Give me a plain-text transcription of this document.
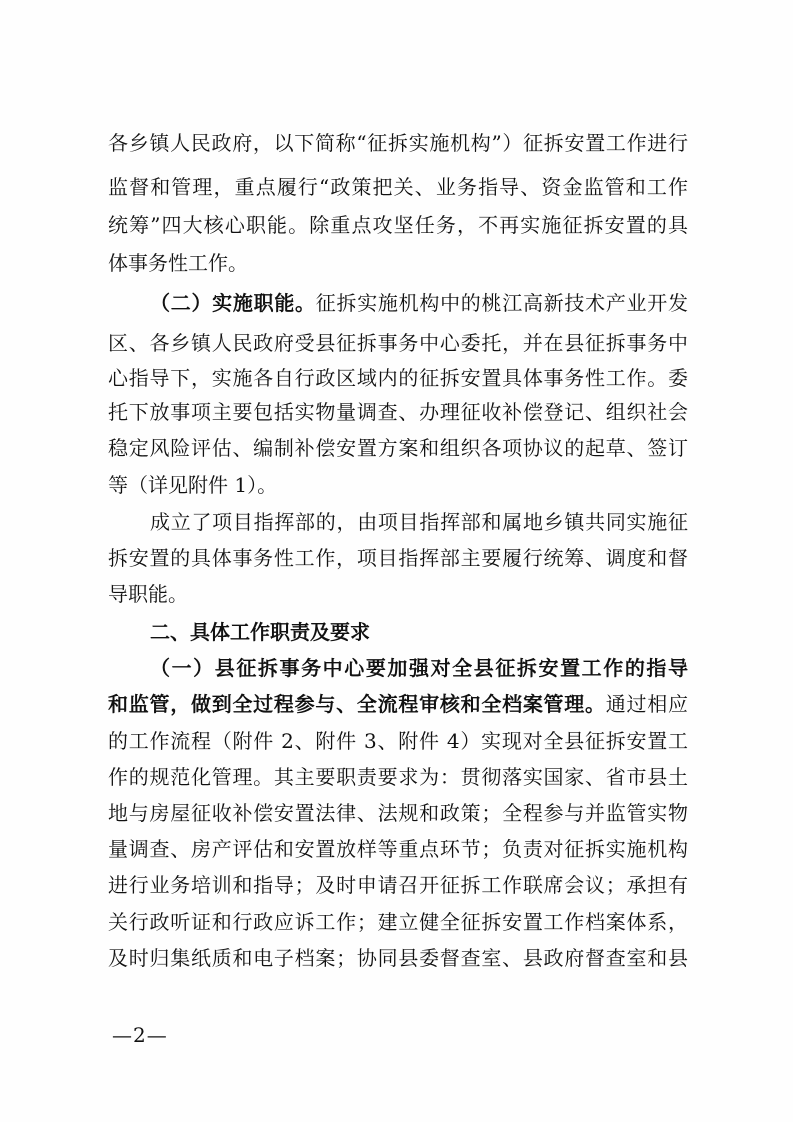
各乡镇人民政府，以下简称“征拆实施机构”）征拆安置工作进行
监督和管理，重点履行“政策把关、业务指导、资金监管和工作
统筹”四大核心职能。除重点攻坚任务，不再实施征拆安置的具
体事务性工作。
（二）实施职能。征拆实施机构中的桃江高新技术产业开发
区、各乡镇人民政府受县征拆事务中心委托，并在县征拆事务中
心指导下，实施各自行政区域内的征拆安置具体事务性工作。委
托下放事项主要包括实物量调查、办理征收补偿登记、组织社会
稳定风险评估、编制补偿安置方案和组织各项协议的起草、签订
等（详见附件 1）。
成立了项目指挥部的，由项目指挥部和属地乡镇共同实施征
拆安置的具体事务性工作，项目指挥部主要履行统筹、调度和督
导职能。
二、具体工作职责及要求
（一）县征拆事务中心要加强对全县征拆安置工作的指导
和监管，做到全过程参与、全流程审核和全档案管理。通过相应
的工作流程（附件 2、附件 3、附件 4）实现对全县征拆安置工
作的规范化管理。其主要职责要求为：贯彻落实国家、省市县土
地与房屋征收补偿安置法律、法规和政策；全程参与并监管实物
量调查、房产评估和安置放样等重点环节；负责对征拆实施机构
进行业务培训和指导；及时申请召开征拆工作联席会议；承担有
关行政听证和行政应诉工作；建立健全征拆安置工作档案体系，
及时归集纸质和电子档案；协同县委督查室、县政府督查室和县
—2—
